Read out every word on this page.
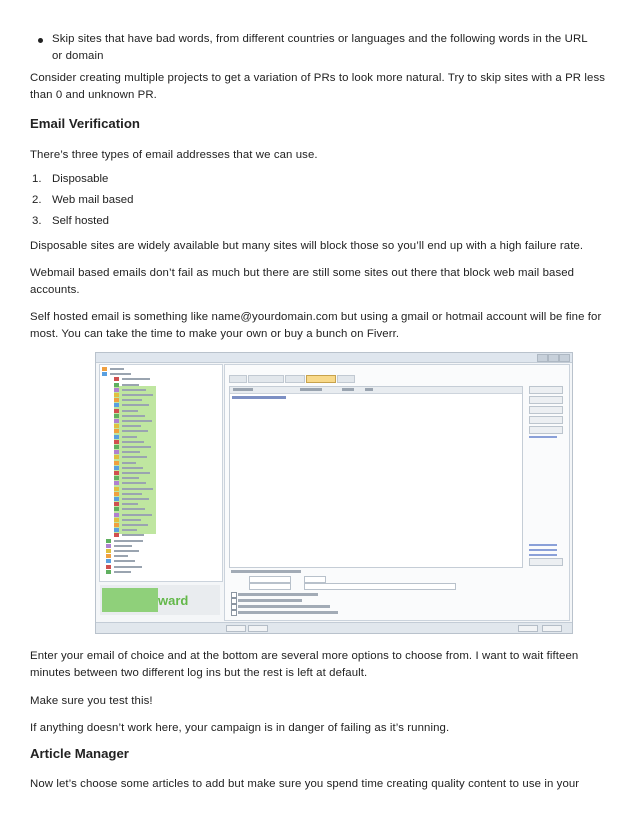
Skip sites that have bad words, from different countries or languages and the following words in the URL or domain

Consider creating multiple projects to get a variation of PRs to look more natural. Try to skip sites with a PR less than 0 and unknown PR.

Email Verification

There’s three types of email addresses that we can use.

1. Disposable
2. Web mail based
3. Self hosted

Disposable sites are widely available but many sites will block those so you’ll end up with a high failure rate.

Webmail based emails don’t fail as much but there are still some sites out there that block web mail based accounts.

Self hosted email is something like name@yourdomain.com but using a gmail or hotmail account will be fine for most. You can take the time to make your own or buy a bunch on Fiverr.

ward

Enter your email of choice and at the bottom are several more options to choose from. I want to wait fifteen minutes between two different log ins but the rest is left at default.

Make sure you test this!

If anything doesn’t work here, your campaign is in danger of failing as it’s running.

Article Manager

Now let’s choose some articles to add but make sure you spend time creating quality content to use in your
